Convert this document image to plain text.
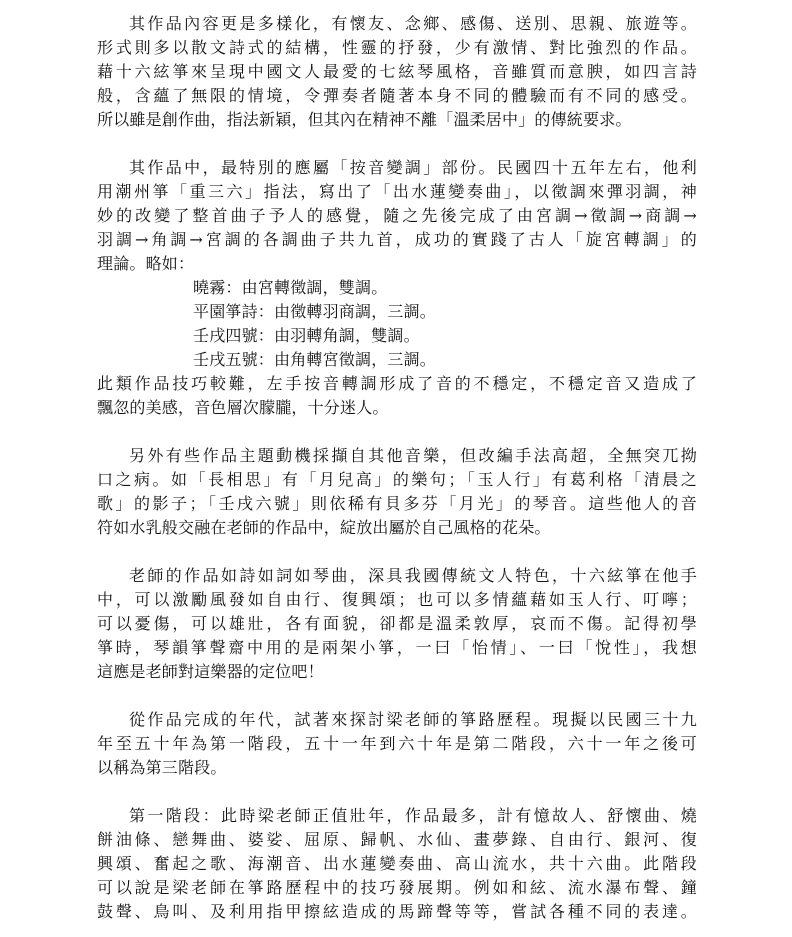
其作品內容更是多樣化，有懷友、念鄉、感傷、送別、思親、旅遊等。
形式則多以散文詩式的結構，性靈的抒發，少有激情、對比強烈的作品。
藉十六絃箏來呈現中國文人最愛的七絃琴風格，音雖質而意腴，如四言詩
般，含蘊了無限的情境，令彈奏者隨著本身不同的體驗而有不同的感受。
所以雖是創作曲，指法新穎，但其內在精神不離「溫柔居中」的傳統要求。
其作品中，最特別的應屬「按音變調」部份。民國四十五年左右，他利
用潮州箏「重三六」指法，寫出了「出水蓮變奏曲」，以徵調來彈羽調，神
妙的改變了整首曲子予人的感覺，隨之先後完成了由宮調→徵調→商調→
羽調→角調→宮調的各調曲子共九首，成功的實踐了古人「旋宮轉調」的
理論。略如：
曉霧：由宮轉徵調，雙調。
平園箏詩：由徵轉羽商調，三調。
壬戌四號：由羽轉角調，雙調。
壬戌五號：由角轉宮徵調，三調。
此類作品技巧較難，左手按音轉調形成了音的不穩定，不穩定音又造成了
飄忽的美感，音色層次朦朧，十分迷人。
另外有些作品主題動機採擷自其他音樂，但改編手法高超，全無突兀拗
口之病。如「長相思」有「月兒高」的樂句；「玉人行」有葛利格「清晨之
歌」的影子；「壬戌六號」則依稀有貝多芬「月光」的琴音。這些他人的音
符如水乳般交融在老師的作品中，綻放出屬於自己風格的花朵。
老師的作品如詩如詞如琴曲，深具我國傳統文人特色，十六絃箏在他手
中，可以激勵風發如自由行、復興頌；也可以多情蘊藉如玉人行、叮嚀；
可以憂傷，可以雄壯，各有面貌，卻都是溫柔敦厚，哀而不傷。記得初學
箏時，琴韻箏聲齋中用的是兩架小箏，一曰「怡情」、一曰「悅性」，我想
這應是老師對這樂器的定位吧！
從作品完成的年代，試著來探討梁老師的箏路歷程。現擬以民國三十九
年至五十年為第一階段，五十一年到六十年是第二階段，六十一年之後可
以稱為第三階段。
第一階段：此時梁老師正值壯年，作品最多，計有憶故人、舒懷曲、燒
餅油條、戀舞曲、婆娑、屈原、歸帆、水仙、畫夢錄、自由行、銀河、復
興頌、奮起之歌、海潮音、出水蓮變奏曲、高山流水，共十六曲。此階段
可以說是梁老師在箏路歷程中的技巧發展期。例如和絃、流水瀑布聲、鐘
鼓聲、鳥叫、及利用指甲擦絃造成的馬蹄聲等等，嘗試各種不同的表達。
